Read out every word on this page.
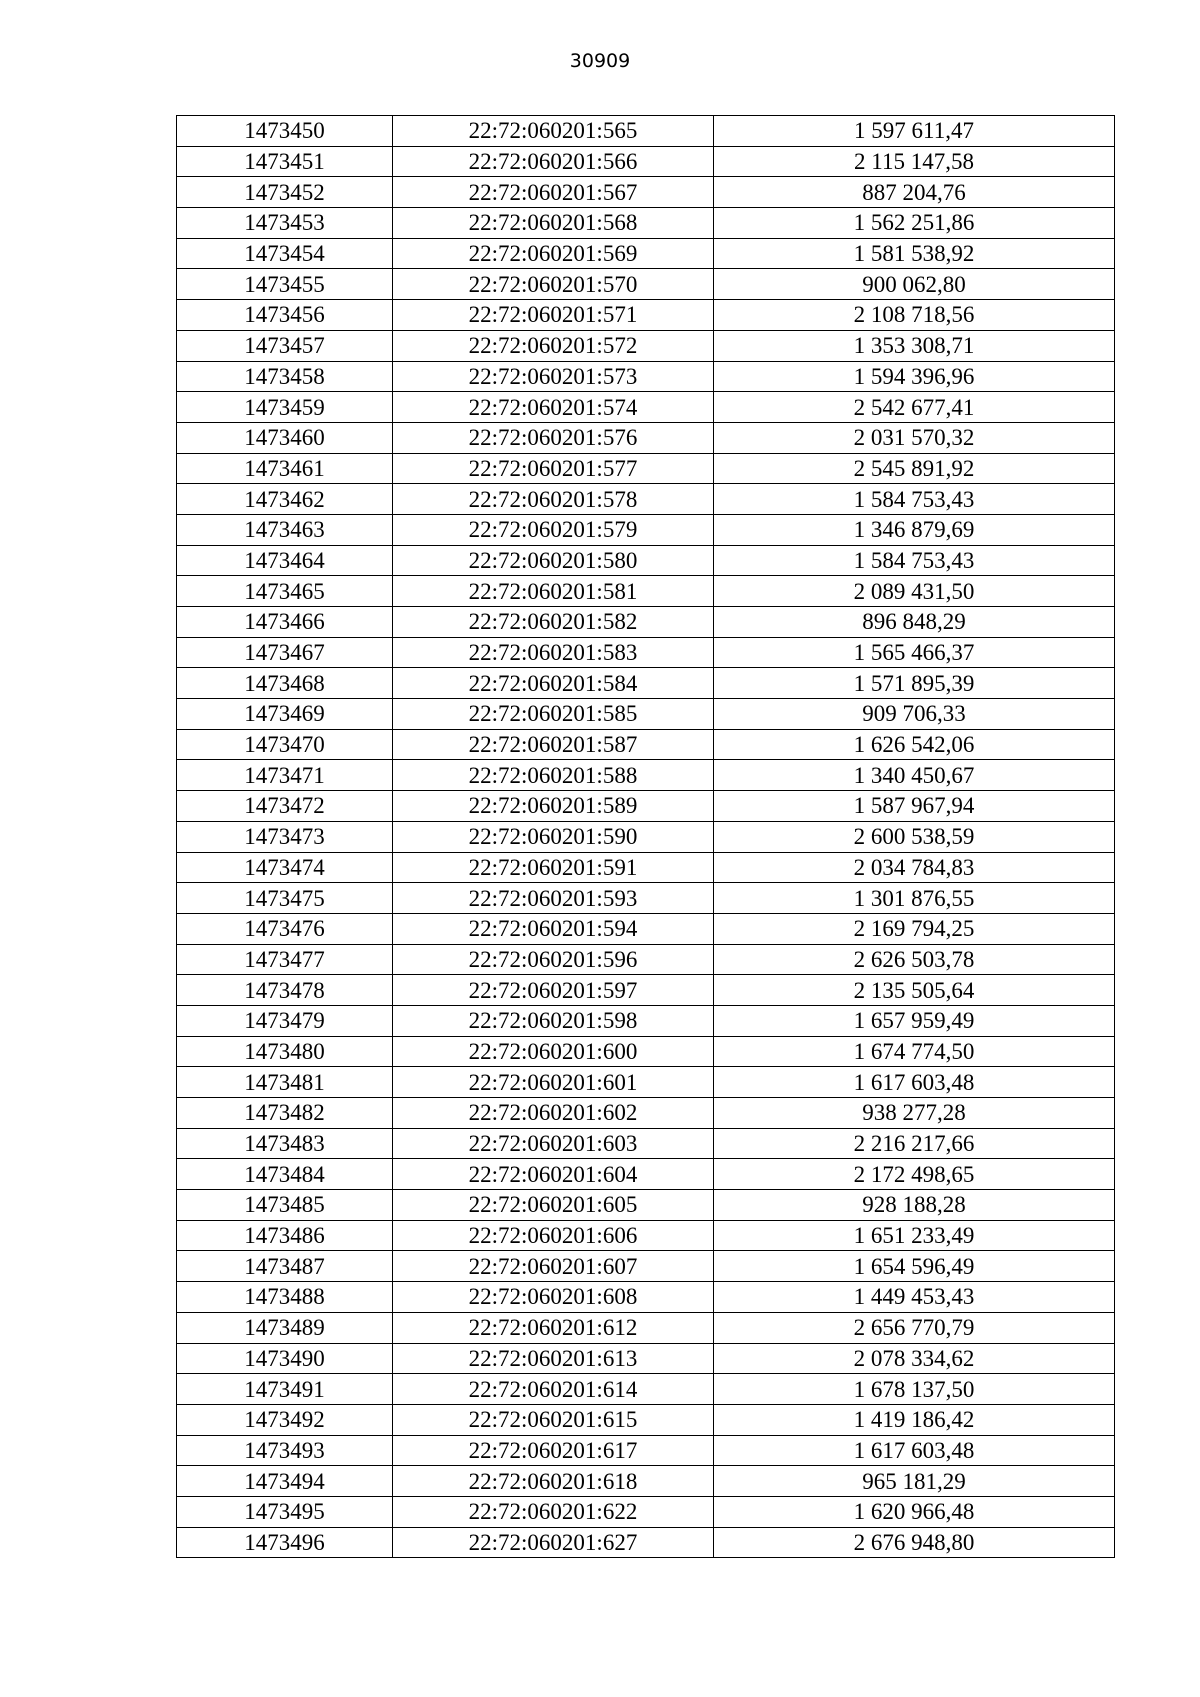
30909
1473450	22:72:060201:565	1 597 611,47
1473451	22:72:060201:566	2 115 147,58
1473452	22:72:060201:567	887 204,76
1473453	22:72:060201:568	1 562 251,86
1473454	22:72:060201:569	1 581 538,92
1473455	22:72:060201:570	900 062,80
1473456	22:72:060201:571	2 108 718,56
1473457	22:72:060201:572	1 353 308,71
1473458	22:72:060201:573	1 594 396,96
1473459	22:72:060201:574	2 542 677,41
1473460	22:72:060201:576	2 031 570,32
1473461	22:72:060201:577	2 545 891,92
1473462	22:72:060201:578	1 584 753,43
1473463	22:72:060201:579	1 346 879,69
1473464	22:72:060201:580	1 584 753,43
1473465	22:72:060201:581	2 089 431,50
1473466	22:72:060201:582	896 848,29
1473467	22:72:060201:583	1 565 466,37
1473468	22:72:060201:584	1 571 895,39
1473469	22:72:060201:585	909 706,33
1473470	22:72:060201:587	1 626 542,06
1473471	22:72:060201:588	1 340 450,67
1473472	22:72:060201:589	1 587 967,94
1473473	22:72:060201:590	2 600 538,59
1473474	22:72:060201:591	2 034 784,83
1473475	22:72:060201:593	1 301 876,55
1473476	22:72:060201:594	2 169 794,25
1473477	22:72:060201:596	2 626 503,78
1473478	22:72:060201:597	2 135 505,64
1473479	22:72:060201:598	1 657 959,49
1473480	22:72:060201:600	1 674 774,50
1473481	22:72:060201:601	1 617 603,48
1473482	22:72:060201:602	938 277,28
1473483	22:72:060201:603	2 216 217,66
1473484	22:72:060201:604	2 172 498,65
1473485	22:72:060201:605	928 188,28
1473486	22:72:060201:606	1 651 233,49
1473487	22:72:060201:607	1 654 596,49
1473488	22:72:060201:608	1 449 453,43
1473489	22:72:060201:612	2 656 770,79
1473490	22:72:060201:613	2 078 334,62
1473491	22:72:060201:614	1 678 137,50
1473492	22:72:060201:615	1 419 186,42
1473493	22:72:060201:617	1 617 603,48
1473494	22:72:060201:618	965 181,29
1473495	22:72:060201:622	1 620 966,48
1473496	22:72:060201:627	2 676 948,80
